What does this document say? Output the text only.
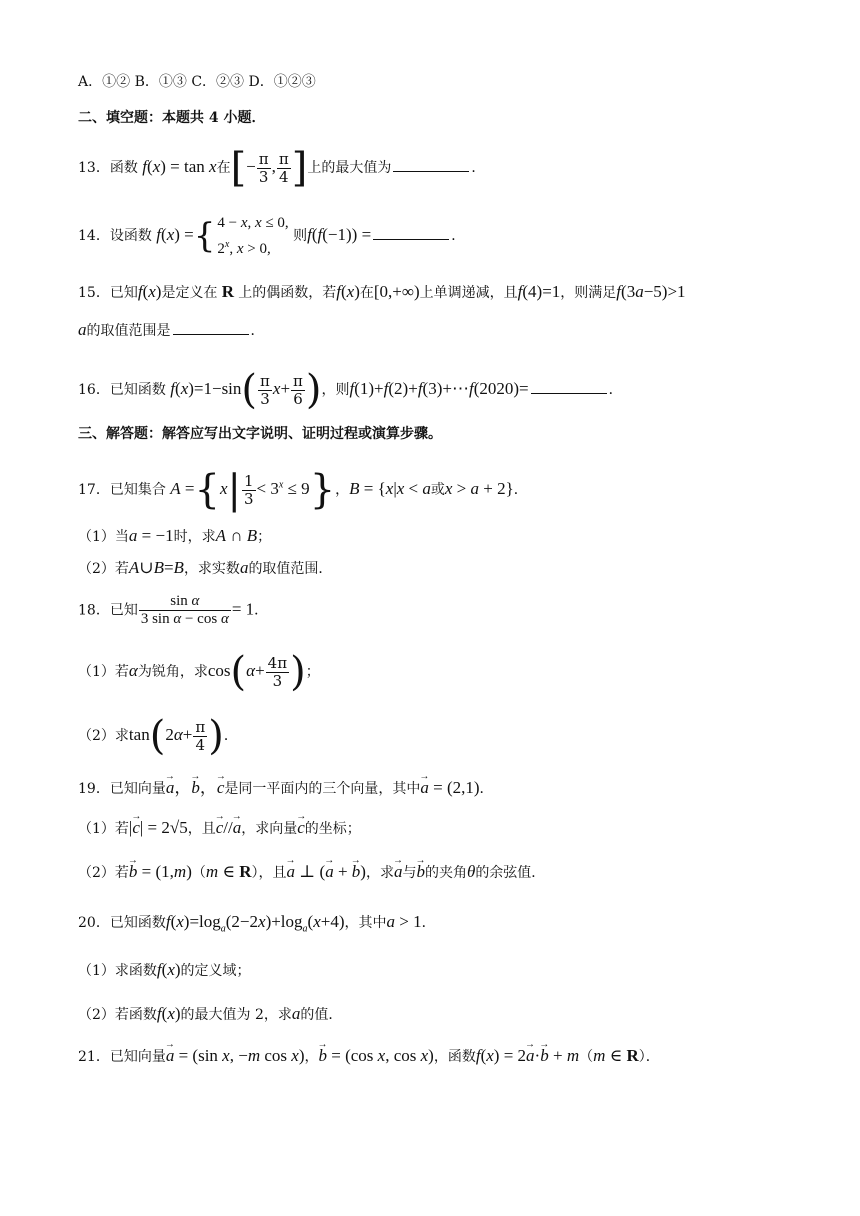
A．①② B．①③ C．②③ D．①②③
二、填空题：本题共 4 小题．
13．函数 f(x) = tan x在[− $\frac{\pi}{3}$ , $\frac{\pi}{4}$ ]上的最大值为	．
14．设函数 f(x) ={ 4 − x, x ≤ 0,
2$^x$, x > 0,
则f(f(−1)) =	．
15．已知f(x)是定义在 R 上的偶函数，若f(x)在[0,+∞)上单调递减，且f(4)=1，则满足f(3a−5)>1
a的取值范围是	．
16．已知函数 $f(x)=1-\sin( \frac{\pi}{3} x+ \frac{\pi}{6}$ )，则f(1)+f(2)+f(3)+⋯f(2020)=	．
三、解答题：解答应写出文字说明、证明过程或演算步骤。
17．已知集合 $A =\{x| \frac{1}{3} < 3^x \le 9\}$，B = {x|x < a或x > a + 2}．
（1）当a = −1时，求A ∩ B；
（2）若A∪B=B，求实数a的取值范围．
18．已知 $\frac{\text{sin α}}{\text{3 sin α − cos α}} = 1$．
（1）若α为锐角，求$\cos(\alpha+ \frac{4\pi}{3}$ )；
（2）求$\tan(2\alpha+ \frac{\pi}{4}$ )．
19．已知向量→ a，→ b，→ c是同一平面内的三个向量，其中→ a = (2,1)．
（1）若|→ c| = 2√5，且→ c//→ a，求向量→ c的坐标；
（2）若→ b = (1,m)（m ∈ R），且→ a ⊥ (→ a + → b)，求→ a与→ b的夹角θ的余弦值．
20．已知函数$f(x)=\log_a(2-2x)+\log_a(x+4)$，其中a > 1．
（1）求函数f(x)的定义域；
（2）若函数f(x)的最大值为 2，求a的值．
21．已知向量→ a = (sin x, −m cos x)，→ b = (cos x, cos x)，函数f(x) = 2→ a·→ b + m（m ∈ R）．
